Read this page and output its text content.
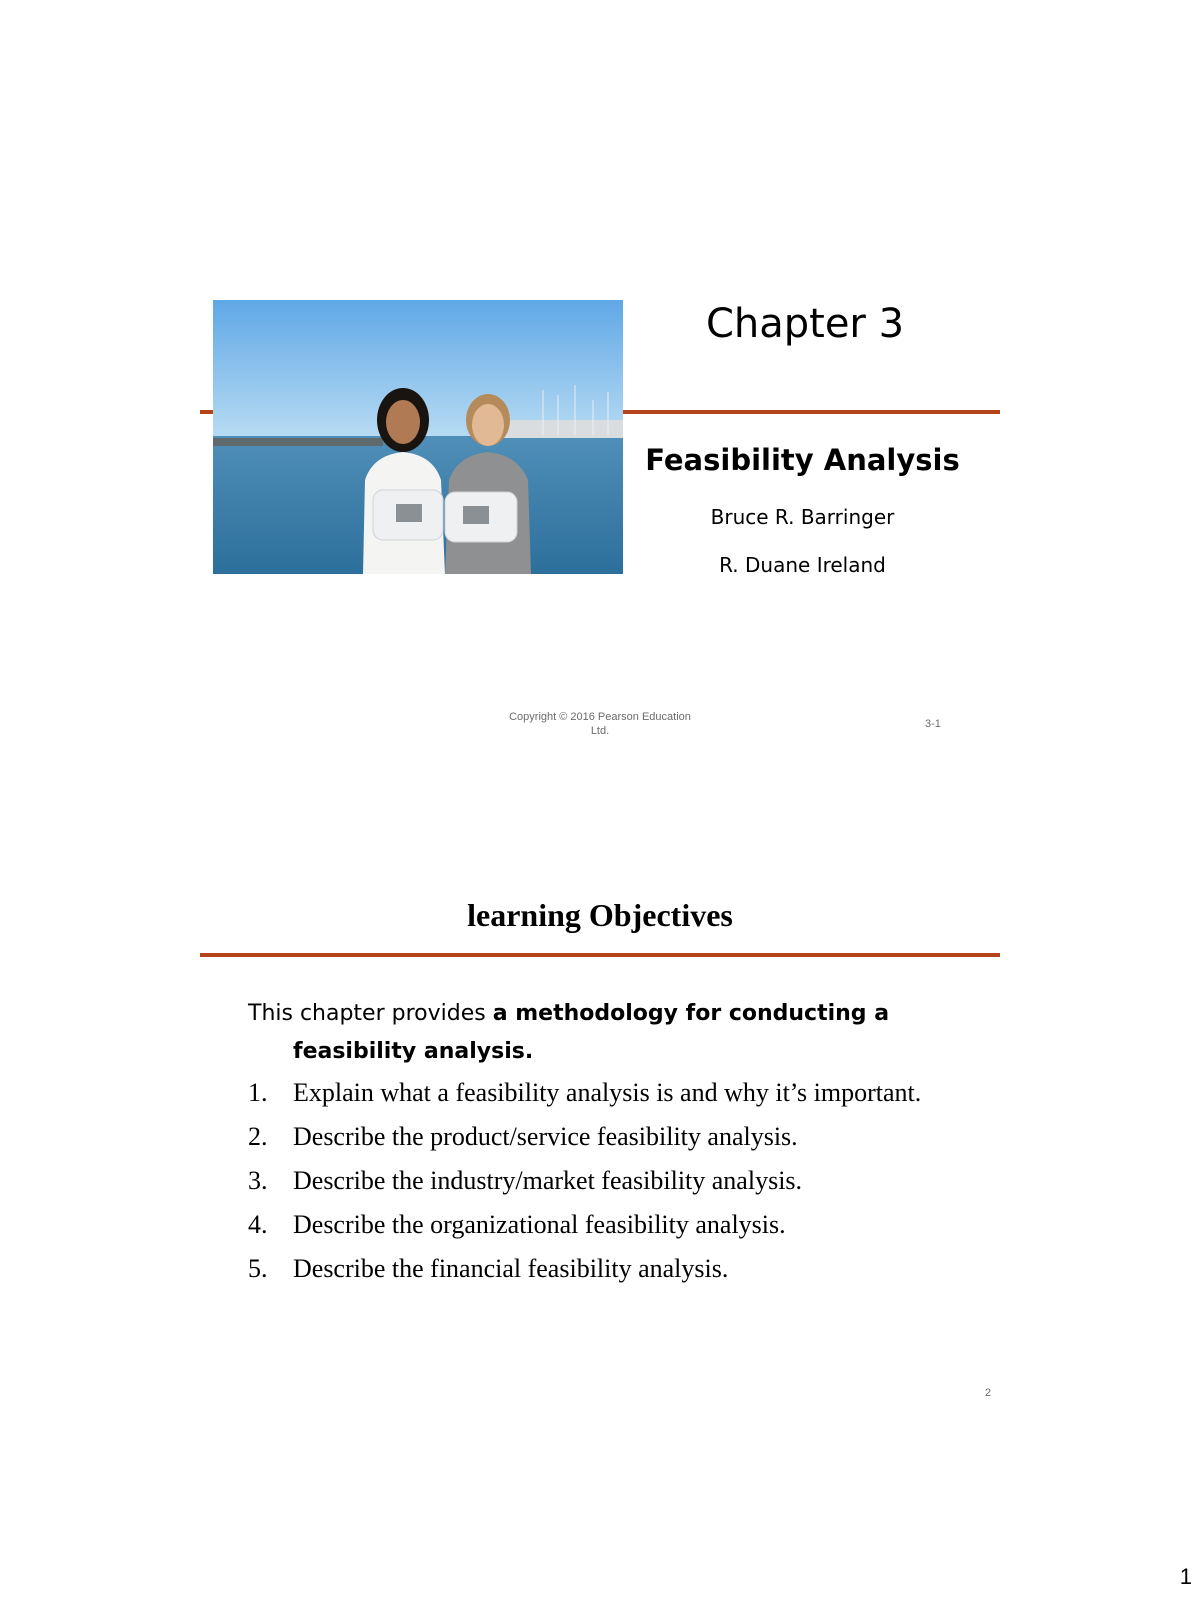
Chapter 3
Feasibility Analysis
Bruce R. Barringer
R. Duane Ireland
Copyright © 2016 Pearson Education
Ltd.
3-1
learning Objectives
This chapter provides a methodology for conducting a
feasibility analysis.
1. Explain what a feasibility analysis is and why it’s important.
2. Describe the product/service feasibility analysis.
3. Describe the industry/market feasibility analysis.
4. Describe the organizational feasibility analysis.
5. Describe the financial feasibility analysis.
2
1
